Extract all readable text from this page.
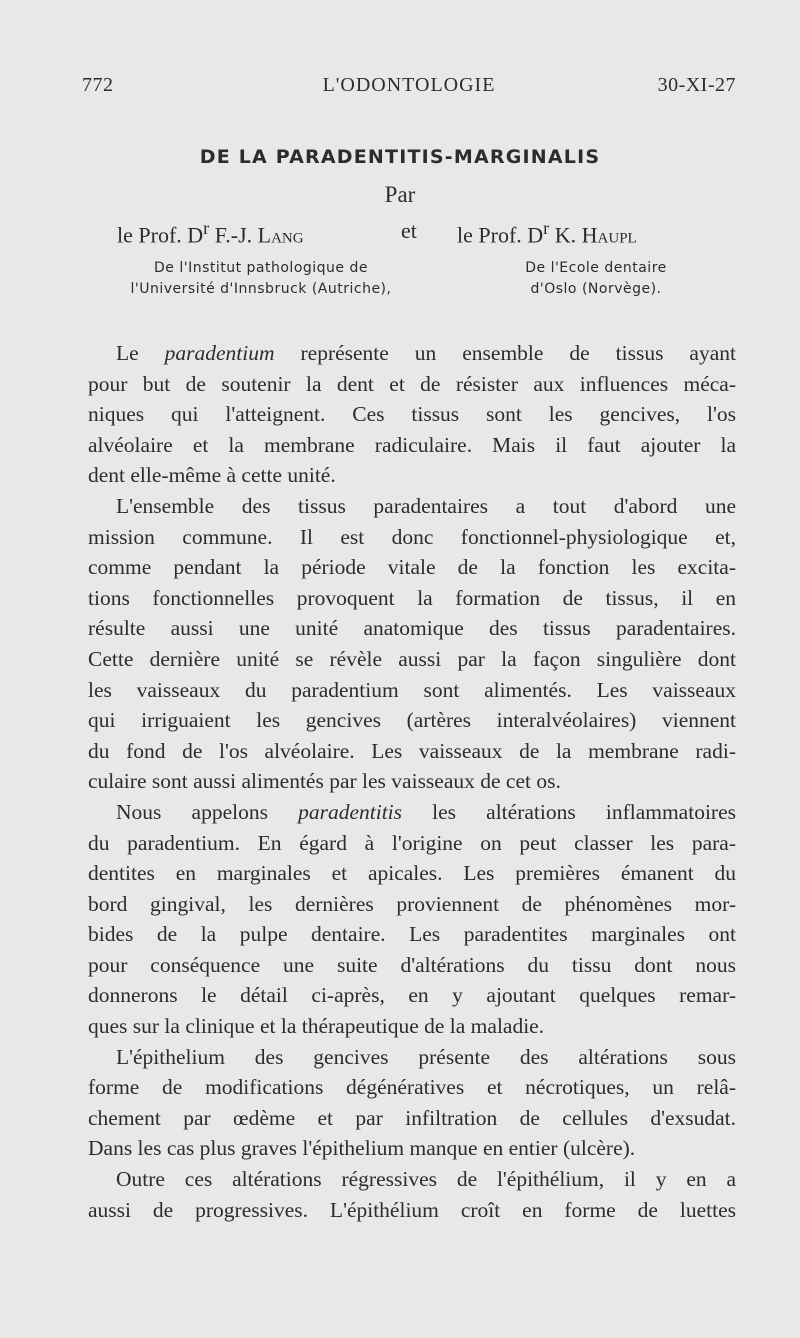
772	L'ODONTOLOGIE	30-XI-27
DE LA PARADENTITIS-MARGINALIS
Par
le Prof. $D^r$ F.-J. Lang	et le Prof. $D^r$ K. Haupl
De l'Institut pathologique de
l'Université d'Innsbruck (Autriche),
De l'Ecole dentaire
d'Oslo (Norvège).
Le paradentium représente un ensemble de tissus ayant
pour but de soutenir la dent et de résister aux influences méca-
niques qui l'atteignent. Ces tissus sont les gencives, l'os
alvéolaire et la membrane radiculaire. Mais il faut ajouter la
dent elle-même à cette unité.
L'ensemble des tissus paradentaires a tout d'abord une
mission commune. Il est donc fonctionnel-physiologique et,
comme pendant la période vitale de la fonction les excita-
tions fonctionnelles provoquent la formation de tissus, il en
résulte aussi une unité anatomique des tissus paradentaires.
Cette dernière unité se révèle aussi par la façon singulière dont
les vaisseaux du paradentium sont alimentés. Les vaisseaux
qui irriguaient les gencives (artères interalvéolaires) viennent
du fond de l'os alvéolaire. Les vaisseaux de la membrane radi-
culaire sont aussi alimentés par les vaisseaux de cet os.
Nous appelons paradentitis les altérations inflammatoires
du paradentium. En égard à l'origine on peut classer les para-
dentites en marginales et apicales. Les premières émanent du
bord gingival, les dernières proviennent de phénomènes mor-
bides de la pulpe dentaire. Les paradentites marginales ont
pour conséquence une suite d'altérations du tissu dont nous
donnerons le détail ci-après, en y ajoutant quelques remar-
ques sur la clinique et la thérapeutique de la maladie.
L'épithelium des gencives présente des altérations sous
forme de modifications dégénératives et nécrotiques, un relâ-
chement par œdème et par infiltration de cellules d'exsudat.
Dans les cas plus graves l'épithelium manque en entier (ulcère).
Outre ces altérations régressives de l'épithélium, il y en a
aussi de progressives. L'épithélium croît en forme de luettes
